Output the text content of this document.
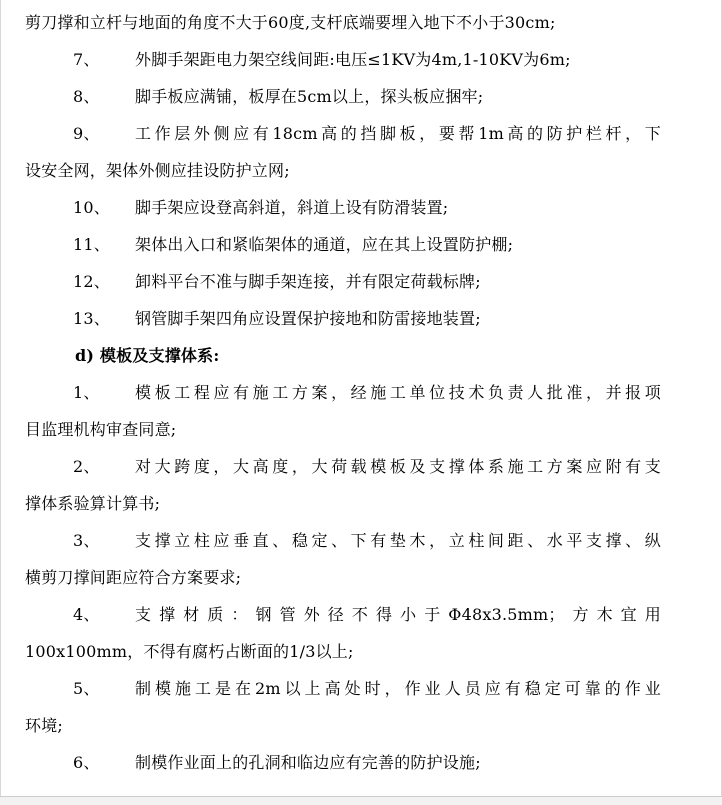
剪刀撑和立杆与地面的角度不大于60度,支杆底端要埋入地下不小于30cm;
7、 外脚手架距电力架空线间距:电压≤1KV为4m,1-10KV为6m;
8、 脚手板应满铺，板厚在5cm以上，探头板应捆牢;
9、 工作层外侧应有18cm高的挡脚板，要帮1m高的防护栏杆，下
设安全网，架体外侧应挂设防护立网;
10、 脚手架应设登高斜道，斜道上设有防滑装置;
11、 架体出入口和紧临架体的通道，应在其上设置防护棚;
12、 卸料平台不准与脚手架连接，并有限定荷载标牌;
13、 钢管脚手架四角应设置保护接地和防雷接地装置;
d) 模板及支撑体系:
1、 模板工程应有施工方案，经施工单位技术负责人批准，并报项
目监理机构审查同意;
2、 对大跨度，大高度，大荷载模板及支撑体系施工方案应附有支
撑体系验算计算书;
3、 支撑立柱应垂直、稳定、下有垫木，立柱间距、水平支撑、纵
横剪刀撑间距应符合方案要求;
4、 支撑材质：钢管外径不得小于Φ48x3.5mm；方木宜用
100x100mm，不得有腐朽占断面的1/3以上;
5、 制模施工是在2m以上高处时，作业人员应有稳定可靠的作业
环境;
6、 制模作业面上的孔洞和临边应有完善的防护设施;
